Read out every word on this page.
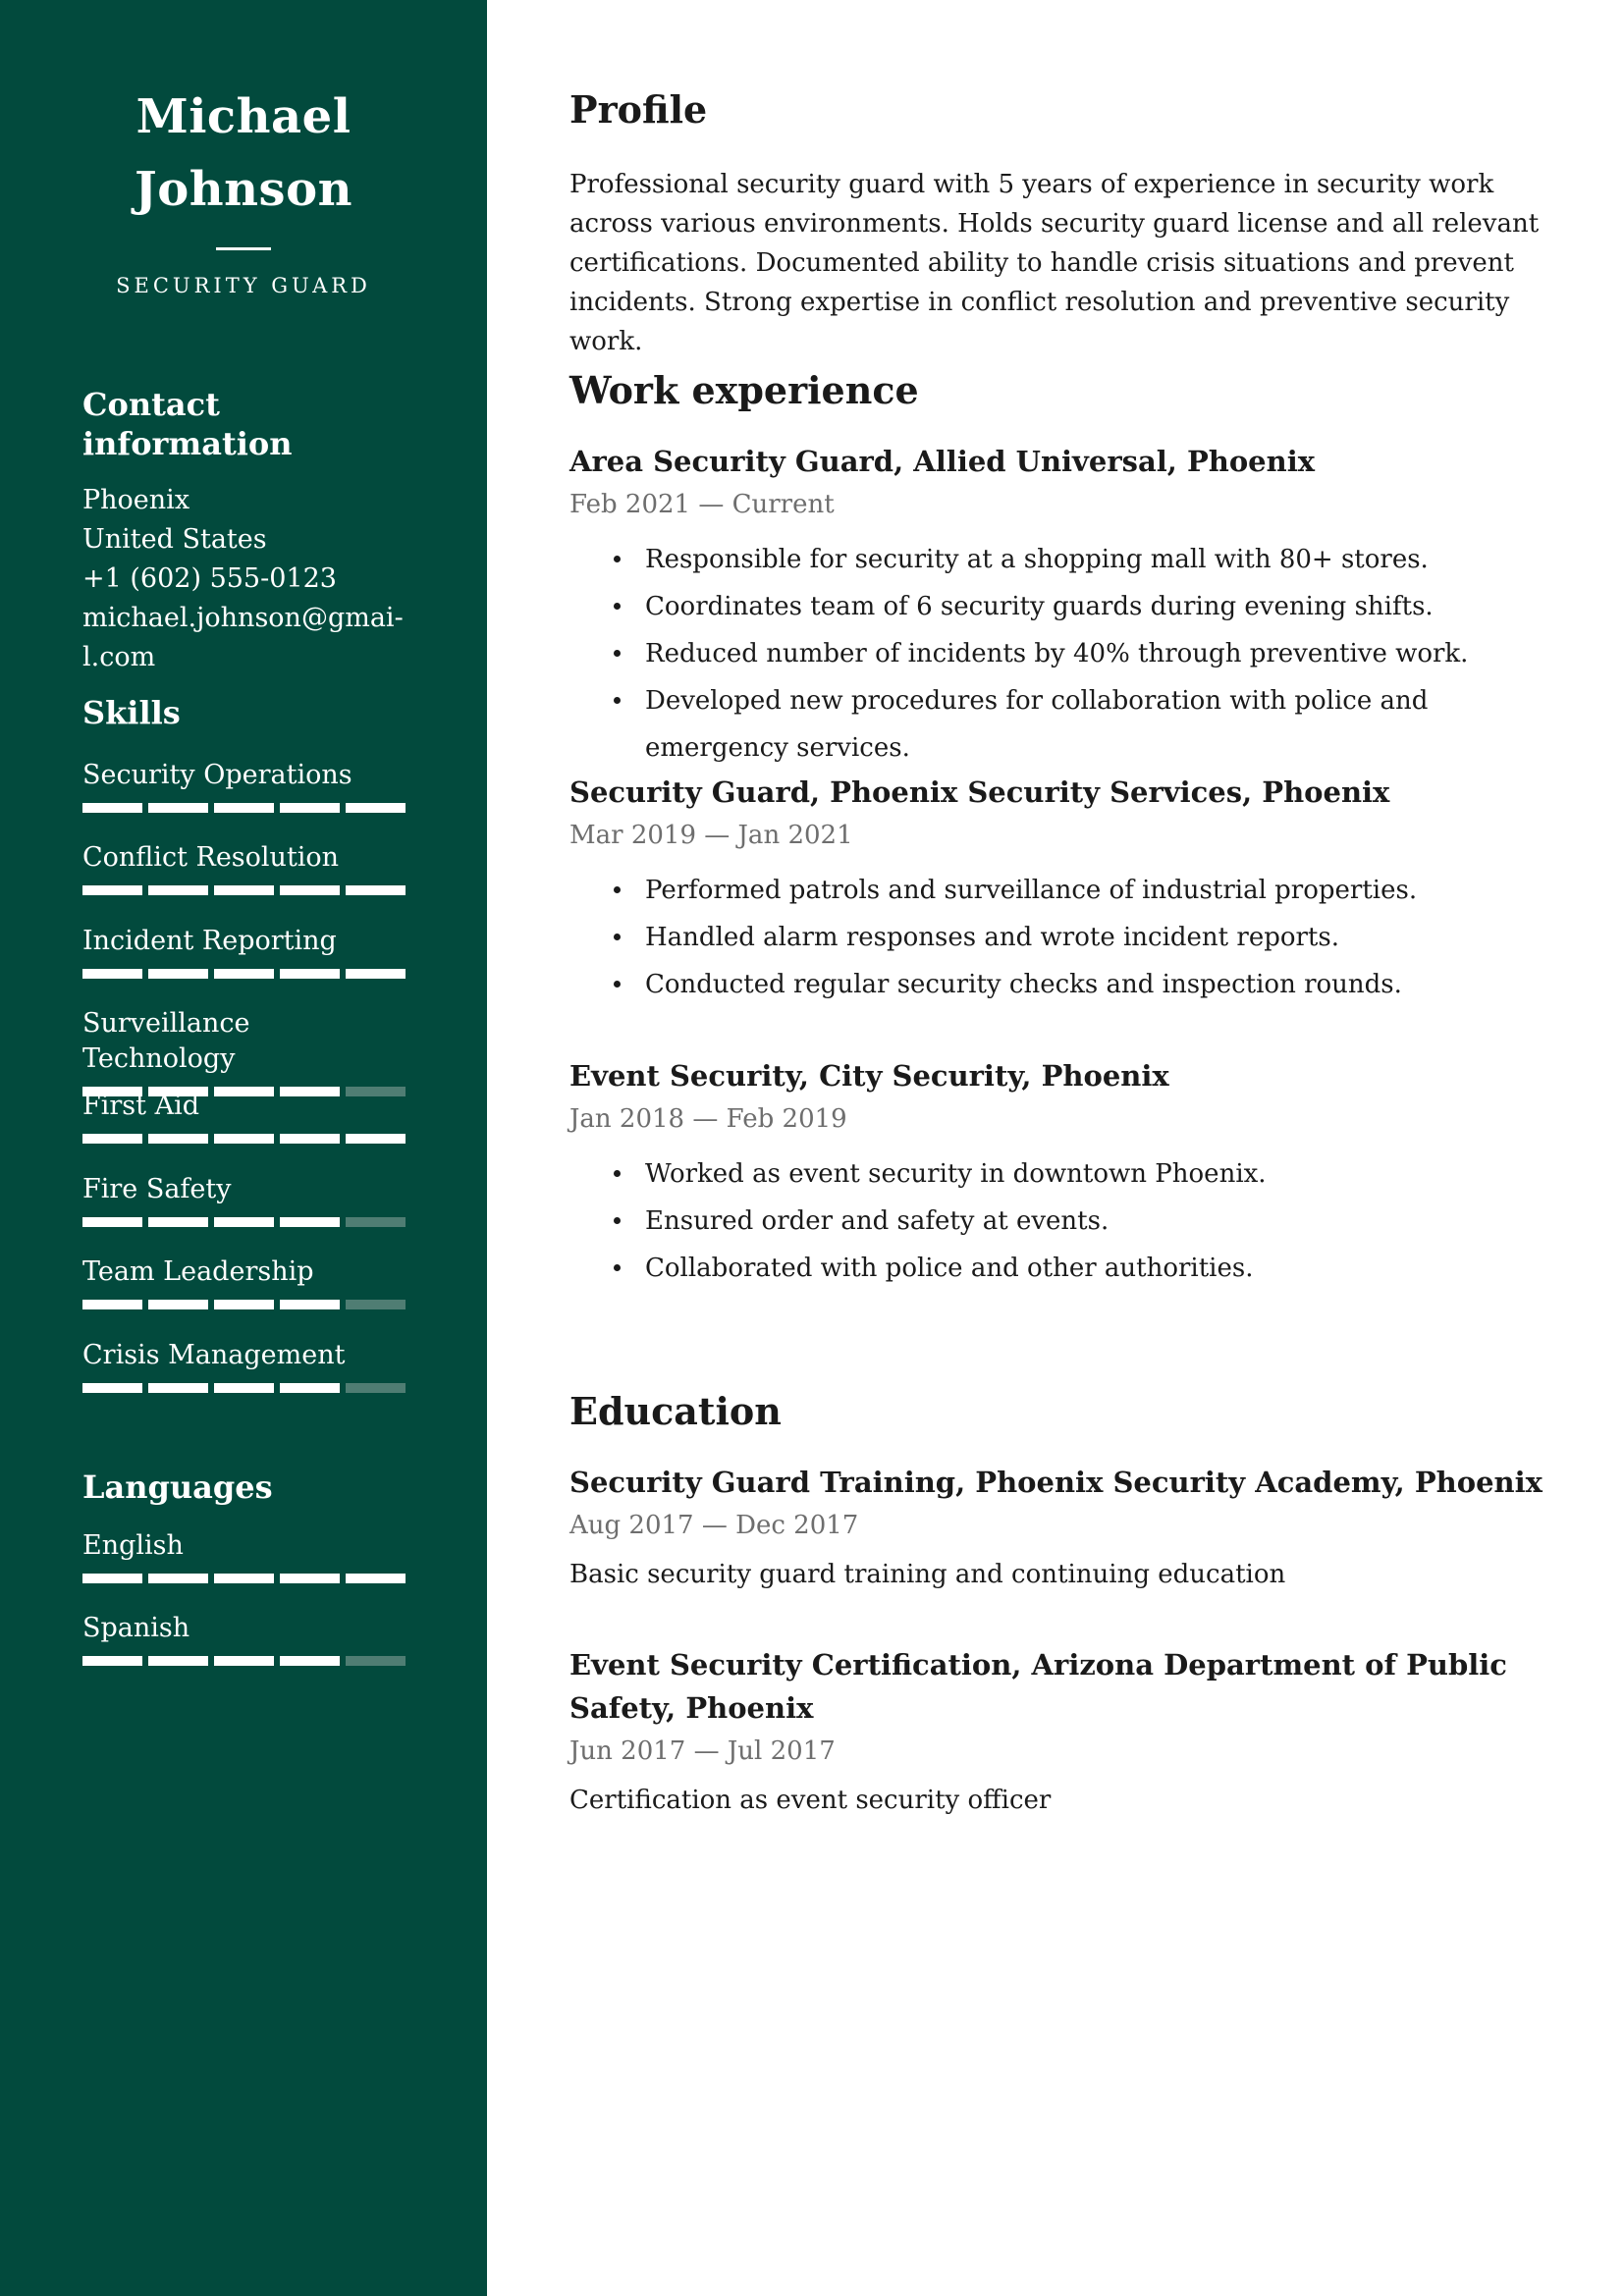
Michael
Johnson
SECURITY GUARD
Contact information
Phoenix
United States
+1 (602) 555-0123
michael.johnson@gmai-
l.com
Skills
Security Operations
Conflict Resolution
Incident Reporting
Surveillance Technology
First Aid
Fire Safety
Team Leadership
Crisis Management
Languages
English
Spanish
Profile
Professional security guard with 5 years of experience in security work across various environments. Holds security guard license and all relevant certifications. Documented ability to handle crisis situations and prevent incidents. Strong expertise in conflict resolution and preventive security work.
Work experience
Area Security Guard, Allied Universal, Phoenix
Feb 2021 — Current
Responsible for security at a shopping mall with 80+ stores.
Coordinates team of 6 security guards during evening shifts.
Reduced number of incidents by 40% through preventive work.
Developed new procedures for collaboration with police and emergency services.
Security Guard, Phoenix Security Services, Phoenix
Mar 2019 — Jan 2021
Performed patrols and surveillance of industrial properties.
Handled alarm responses and wrote incident reports.
Conducted regular security checks and inspection rounds.
Event Security, City Security, Phoenix
Jan 2018 — Feb 2019
Worked as event security in downtown Phoenix.
Ensured order and safety at events.
Collaborated with police and other authorities.
Education
Security Guard Training, Phoenix Security Academy, Phoenix
Aug 2017 — Dec 2017
Basic security guard training and continuing education
Event Security Certification, Arizona Department of Public Safety, Phoenix
Jun 2017 — Jul 2017
Certification as event security officer
